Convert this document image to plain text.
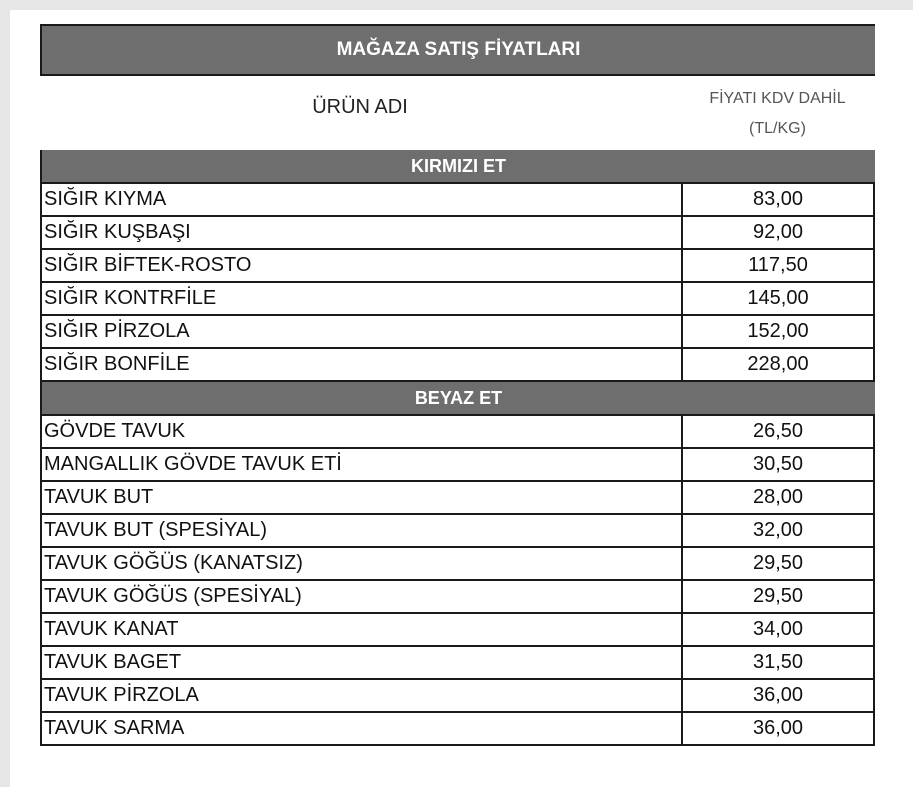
MAĞAZA SATIŞ FİYATLARI
ÜRÜN ADI	FİYATI KDV DAHİL
(TL/KG)
KIRMIZI ET
SIĞIR KIYMA	83,00
SIĞIR KUŞBAŞI	92,00
SIĞIR BİFTEK-ROSTO	117,50
SIĞIR KONTRFİLE	145,00
SIĞIR PİRZOLA	152,00
SIĞIR BONFİLE	228,00
BEYAZ ET
GÖVDE TAVUK	26,50
MANGALLIK GÖVDE TAVUK ETİ	30,50
TAVUK BUT	28,00
TAVUK BUT (SPESİYAL)	32,00
TAVUK GÖĞÜS (KANATSIZ)	29,50
TAVUK GÖĞÜS (SPESİYAL)	29,50
TAVUK KANAT	34,00
TAVUK BAGET	31,50
TAVUK PİRZOLA	36,00
TAVUK SARMA	36,00
